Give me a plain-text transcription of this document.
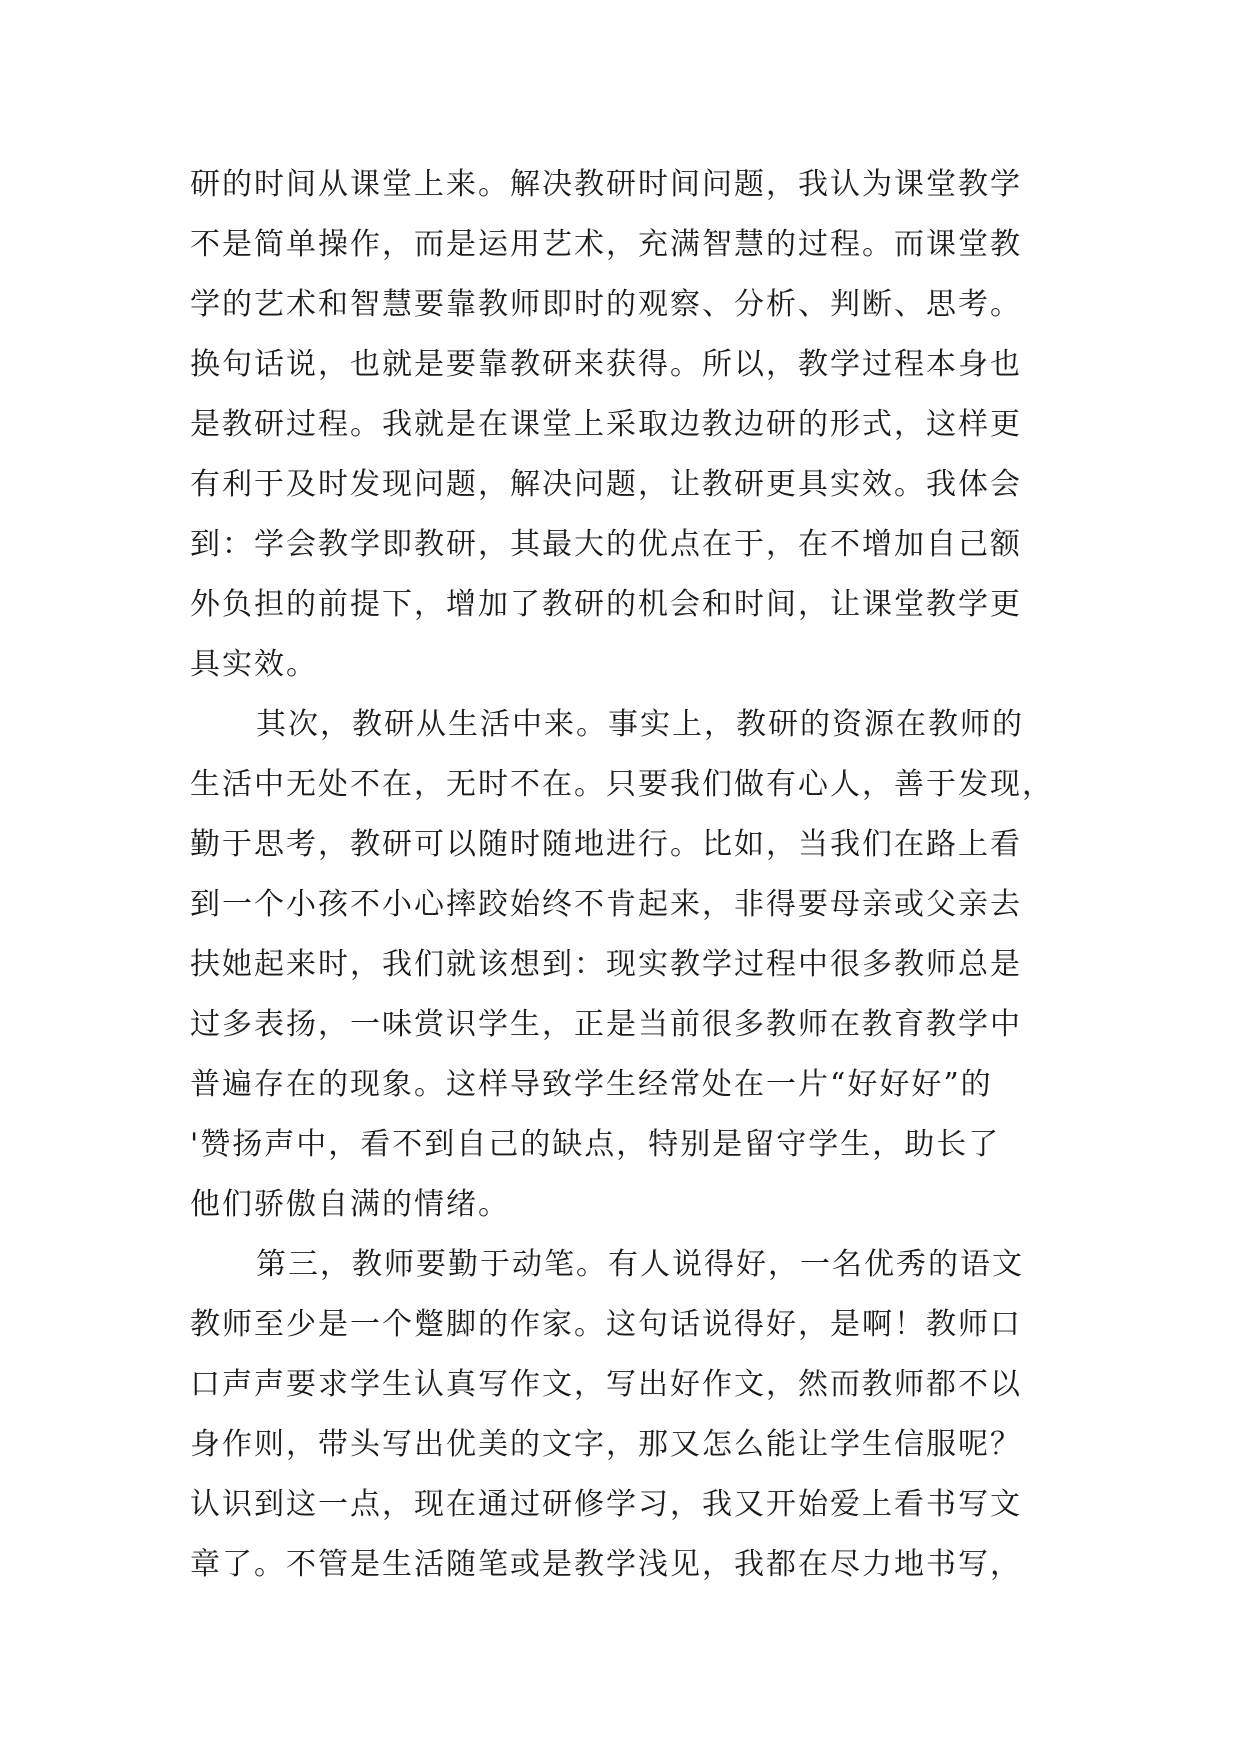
研的时间从课堂上来。解决教研时间问题，我认为课堂教学
不是简单操作，而是运用艺术，充满智慧的过程。而课堂教
学的艺术和智慧要靠教师即时的观察、分析、判断、思考。
换句话说，也就是要靠教研来获得。所以，教学过程本身也
是教研过程。我就是在课堂上采取边教边研的形式，这样更
有利于及时发现问题，解决问题，让教研更具实效。我体会
到：学会教学即教研，其最大的优点在于，在不增加自己额
外负担的前提下，增加了教研的机会和时间，让课堂教学更
具实效。
其次，教研从生活中来。事实上，教研的资源在教师的
生活中无处不在，无时不在。只要我们做有心人，善于发现，
勤于思考，教研可以随时随地进行。比如，当我们在路上看
到一个小孩不小心摔跤始终不肯起来，非得要母亲或父亲去
扶她起来时，我们就该想到：现实教学过程中很多教师总是
过多表扬，一味赏识学生，正是当前很多教师在教育教学中
普遍存在的现象。这样导致学生经常处在一片“好好好”的
'赞扬声中，看不到自己的缺点，特别是留守学生，助长了
他们骄傲自满的情绪。
第三，教师要勤于动笔。有人说得好，一名优秀的语文
教师至少是一个蹩脚的作家。这句话说得好，是啊！教师口
口声声要求学生认真写作文，写出好作文，然而教师都不以
身作则，带头写出优美的文字，那又怎么能让学生信服呢？
认识到这一点，现在通过研修学习，我又开始爱上看书写文
章了。不管是生活随笔或是教学浅见，我都在尽力地书写，
